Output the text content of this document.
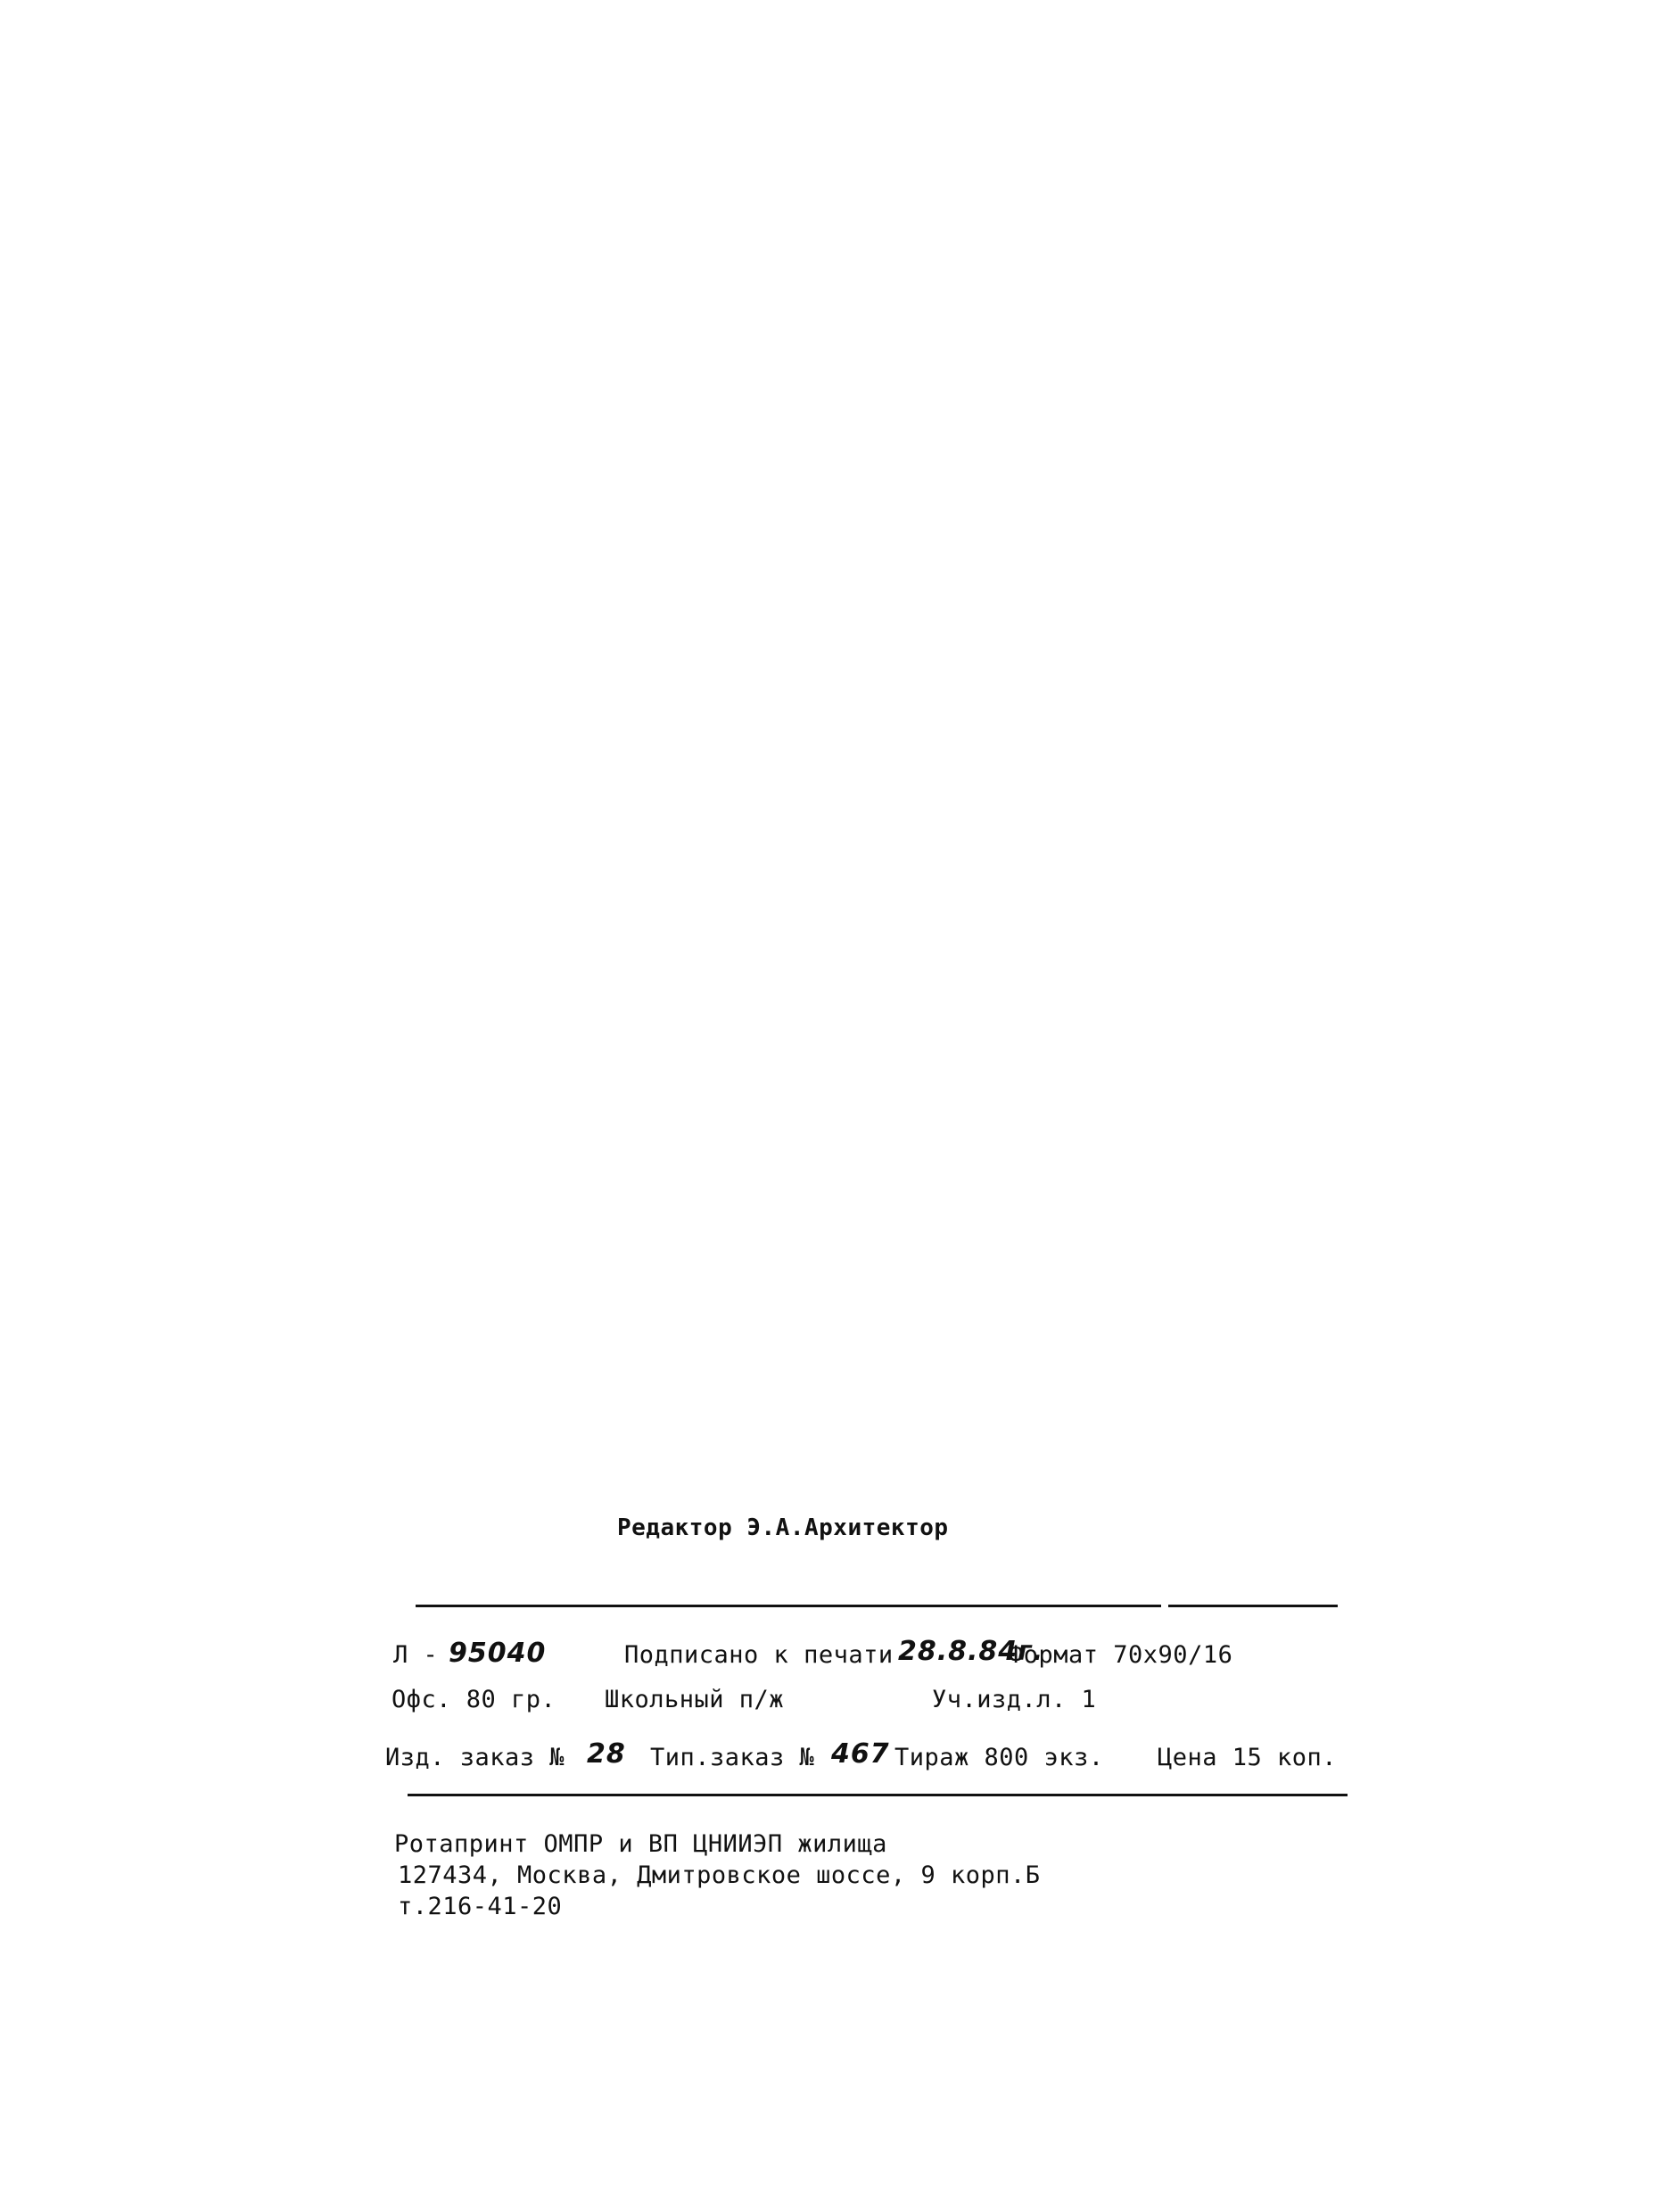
Редактор Э.А.Архитектор
Л - 95040	Подписано к печати 28.8.84г.
Формат 70x90/16
Офс. 80 гр. Школьный п/ж	Уч.изд.л. 1
Изд. заказ № 28 Тип.заказ № 467 Тираж 800 экз. Цена 15 коп.
Ротапринт ОМПР и ВП ЦНИИЭП жилища
127434, Москва, Дмитровское шоссе, 9 корп.Б
т.216-41-20
